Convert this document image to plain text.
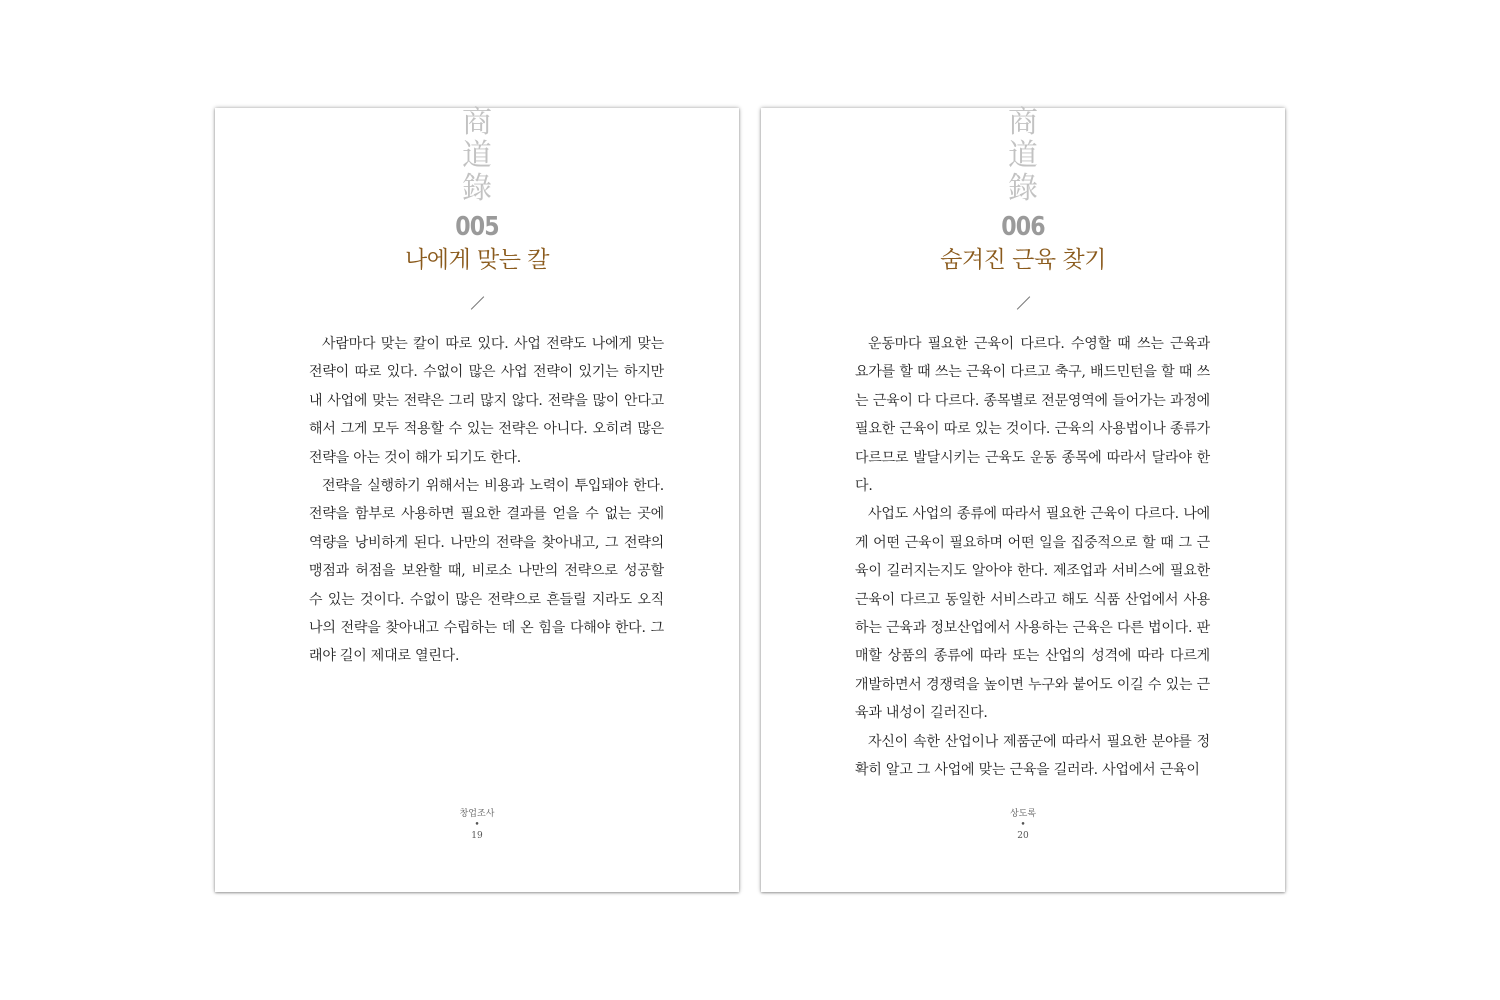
商
道
錄
005
나에게 맞는 칼

사람마다 맞는 칼이 따로 있다. 사업 전략도 나에게 맞는 전략이 따로 있다. 수없이 많은 사업 전략이 있기는 하지만 내 사업에 맞는 전략은 그리 많지 않다. 전략을 많이 안다고 해서 그게 모두 적용할 수 있는 전략은 아니다. 오히려 많은 전략을 아는 것이 해가 되기도 한다.

전략을 실행하기 위해서는 비용과 노력이 투입돼야 한다. 전략을 함부로 사용하면 필요한 결과를 얻을 수 없는 곳에 역량을 낭비하게 된다. 나만의 전략을 찾아내고, 그 전략의 맹점과 허점을 보완할 때, 비로소 나만의 전략으로 성공할 수 있는 것이다. 수없이 많은 전략으로 흔들릴 지라도 오직 나의 전략을 찾아내고 수립하는 데 온 힘을 다해야 한다. 그래야 길이 제대로 열린다.

창업조사
•
19
商
道
錄
006
숨겨진 근육 찾기

운동마다 필요한 근육이 다르다. 수영할 때 쓰는 근육과 요가를 할 때 쓰는 근육이 다르고 축구, 배드민턴을 할 때 쓰는 근육이 다 다르다. 종목별로 전문영역에 들어가는 과정에 필요한 근육이 따로 있는 것이다. 근육의 사용법이나 종류가 다르므로 발달시키는 근육도 운동 종목에 따라서 달라야 한다.

사업도 사업의 종류에 따라서 필요한 근육이 다르다. 나에게 어떤 근육이 필요하며 어떤 일을 집중적으로 할 때 그 근육이 길러지는지도 알아야 한다. 제조업과 서비스에 필요한 근육이 다르고 동일한 서비스라고 해도 식품 산업에서 사용하는 근육과 정보산업에서 사용하는 근육은 다른 법이다. 판매할 상품의 종류에 따라 또는 산업의 성격에 따라 다르게 개발하면서 경쟁력을 높이면 누구와 붙어도 이길 수 있는 근육과 내성이 길러진다.

자신이 속한 산업이나 제품군에 따라서 필요한 분야를 정확히 알고 그 사업에 맞는 근육을 길러라. 사업에서 근육이

상도록
•
20
